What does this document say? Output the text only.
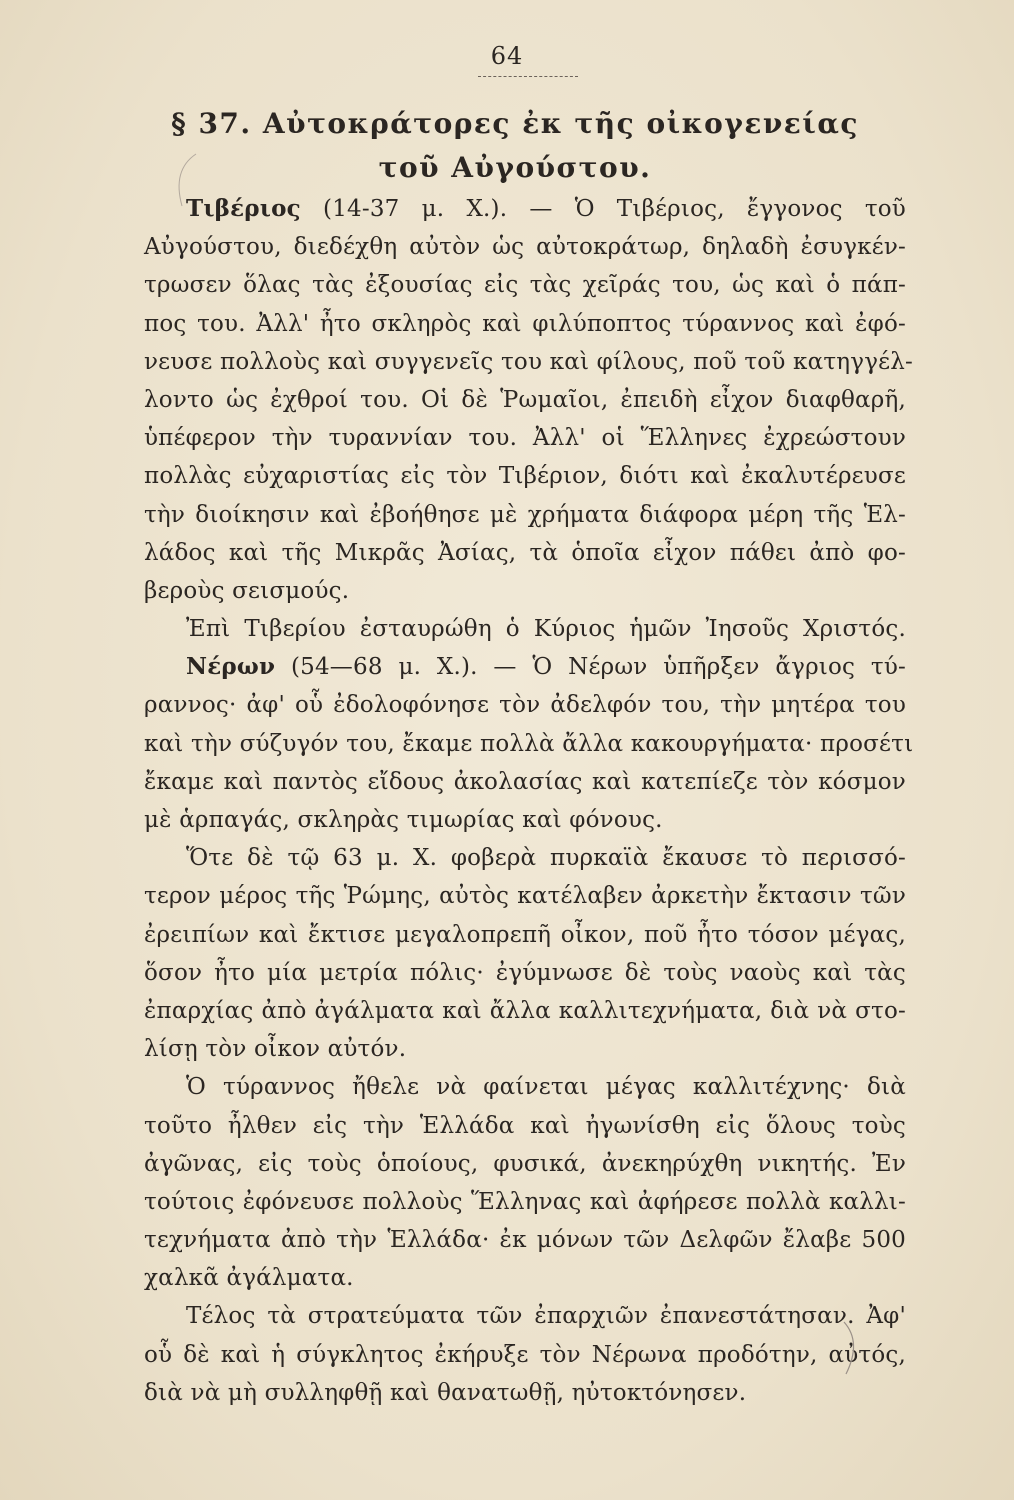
64
§ 37. Αὐτοκράτορες ἐκ τῆς οἰκογενείας
τοῦ Αὐγούστου.
Τιβέριος (14-37 μ. Χ.). — Ὁ Τιβέριος, ἔγγονος τοῦ
Αὐγούστου, διεδέχθη αὐτὸν ὡς αὐτοκράτωρ, δηλαδὴ ἐσυγκέν-
τρωσεν ὅλας τὰς ἐξουσίας εἰς τὰς χεῖράς του, ὡς καὶ ὁ πάπ-
πος του. Ἀλλ' ἦτο σκληρὸς καὶ φιλύποπτος τύραννος καὶ ἐφό-
νευσε πολλοὺς καὶ συγγενεῖς του καὶ φίλους, ποῦ τοῦ κατηγγέλ-
λοντο ὡς ἐχθροί του. Οἱ δὲ Ῥωμαῖοι, ἐπειδὴ εἶχον διαφθαρῆ,
ὑπέφερον τὴν τυραννίαν του. Ἀλλ' οἱ Ἕλληνες ἐχρεώστουν
πολλὰς εὐχαριστίας εἰς τὸν Τιβέριον, διότι καὶ ἐκαλυτέρευσε
τὴν διοίκησιν καὶ ἐβοήθησε μὲ χρήματα διάφορα μέρη τῆς Ἑλ-
λάδος καὶ τῆς Μικρᾶς Ἀσίας, τὰ ὁποῖα εἶχον πάθει ἀπὸ φο-
βεροὺς σεισμούς.
Ἐπὶ Τιβερίου ἐσταυρώθη ὁ Κύριος ἡμῶν Ἰησοῦς Χριστός.
Νέρων (54—68 μ. Χ.). — Ὁ Νέρων ὑπῆρξεν ἄγριος τύ-
ραννος· ἀφ' οὗ ἐδολοφόνησε τὸν ἀδελφόν του, τὴν μητέρα του
καὶ τὴν σύζυγόν του, ἔκαμε πολλὰ ἄλλα κακουργήματα· προσέτι
ἔκαμε καὶ παντὸς εἴδους ἀκολασίας καὶ κατεπίεζε τὸν κόσμον
μὲ ἁρπαγάς, σκληρὰς τιμωρίας καὶ φόνους.
Ὅτε δὲ τῷ 63 μ. Χ. φοβερὰ πυρκαϊὰ ἔκαυσε τὸ περισσό-
τερον μέρος τῆς Ῥώμης, αὐτὸς κατέλαβεν ἀρκετὴν ἔκτασιν τῶν
ἐρειπίων καὶ ἔκτισε μεγαλοπρεπῆ οἶκον, ποῦ ἦτο τόσον μέγας,
ὅσον ἦτο μία μετρία πόλις· ἐγύμνωσε δὲ τοὺς ναοὺς καὶ τὰς
ἐπαρχίας ἀπὸ ἀγάλματα καὶ ἄλλα καλλιτεχνήματα, διὰ νὰ στο-
λίσῃ τὸν οἶκον αὐτόν.
Ὁ τύραννος ἤθελε νὰ φαίνεται μέγας καλλιτέχνης· διὰ
τοῦτο ἦλθεν εἰς τὴν Ἑλλάδα καὶ ἠγωνίσθη εἰς ὅλους τοὺς
ἀγῶνας, εἰς τοὺς ὁποίους, φυσικά, ἀνεκηρύχθη νικητής. Ἐν
τούτοις ἐφόνευσε πολλοὺς Ἕλληνας καὶ ἀφήρεσε πολλὰ καλλι-
τεχνήματα ἀπὸ τὴν Ἑλλάδα· ἐκ μόνων τῶν Δελφῶν ἔλαβε 500
χαλκᾶ ἀγάλματα.
Τέλος τὰ στρατεύματα τῶν ἐπαρχιῶν ἐπανεστάτησαν. Ἀφ'
οὗ δὲ καὶ ἡ σύγκλητος ἐκήρυξε τὸν Νέρωνα προδότην, αὐτός,
διὰ νὰ μὴ συλληφθῇ καὶ θανατωθῇ, ηὐτοκτόνησεν.
